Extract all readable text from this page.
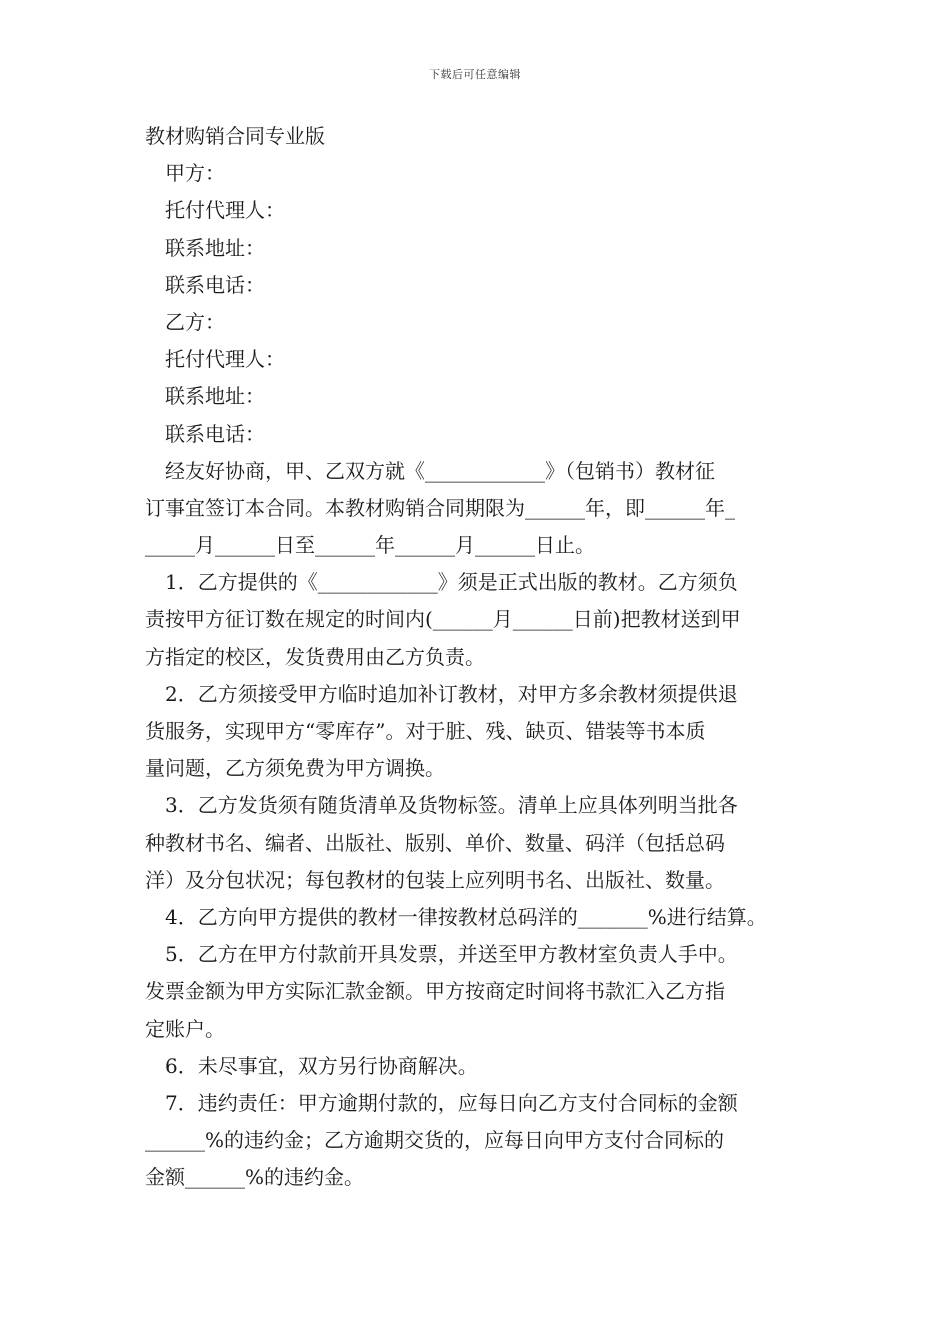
下载后可任意编辑

教材购销合同专业版

甲方：

托付代理人：

联系地址：

联系电话：

乙方：

托付代理人：

联系地址：

联系电话：

经友好协商，甲、乙双方就《____________》（包销书）教材征

订事宜签订本合同。本教材购销合同期限为______年，即______年_

_____月______日至______年______月______日止。

1．乙方提供的《____________》须是正式出版的教材。乙方须负

责按甲方征订数在规定的时间内(______月______日前)把教材送到甲

方指定的校区，发货费用由乙方负责。

2．乙方须接受甲方临时追加补订教材，对甲方多余教材须提供退

货服务，实现甲方“零库存”。对于脏、残、缺页、错装等书本质

量问题，乙方须免费为甲方调换。

3．乙方发货须有随货清单及货物标签。清单上应具体列明当批各

种教材书名、编者、出版社、版别、单价、数量、码洋（包括总码

洋）及分包状况；每包教材的包装上应列明书名、出版社、数量。

4．乙方向甲方提供的教材一律按教材总码洋的_______%进行结算。

5．乙方在甲方付款前开具发票，并送至甲方教材室负责人手中。

发票金额为甲方实际汇款金额。甲方按商定时间将书款汇入乙方指

定账户。

6．未尽事宜，双方另行协商解决。

7．违约责任：甲方逾期付款的，应每日向乙方支付合同标的金额

______%的违约金；乙方逾期交货的，应每日向甲方支付合同标的

金额______%的违约金。
